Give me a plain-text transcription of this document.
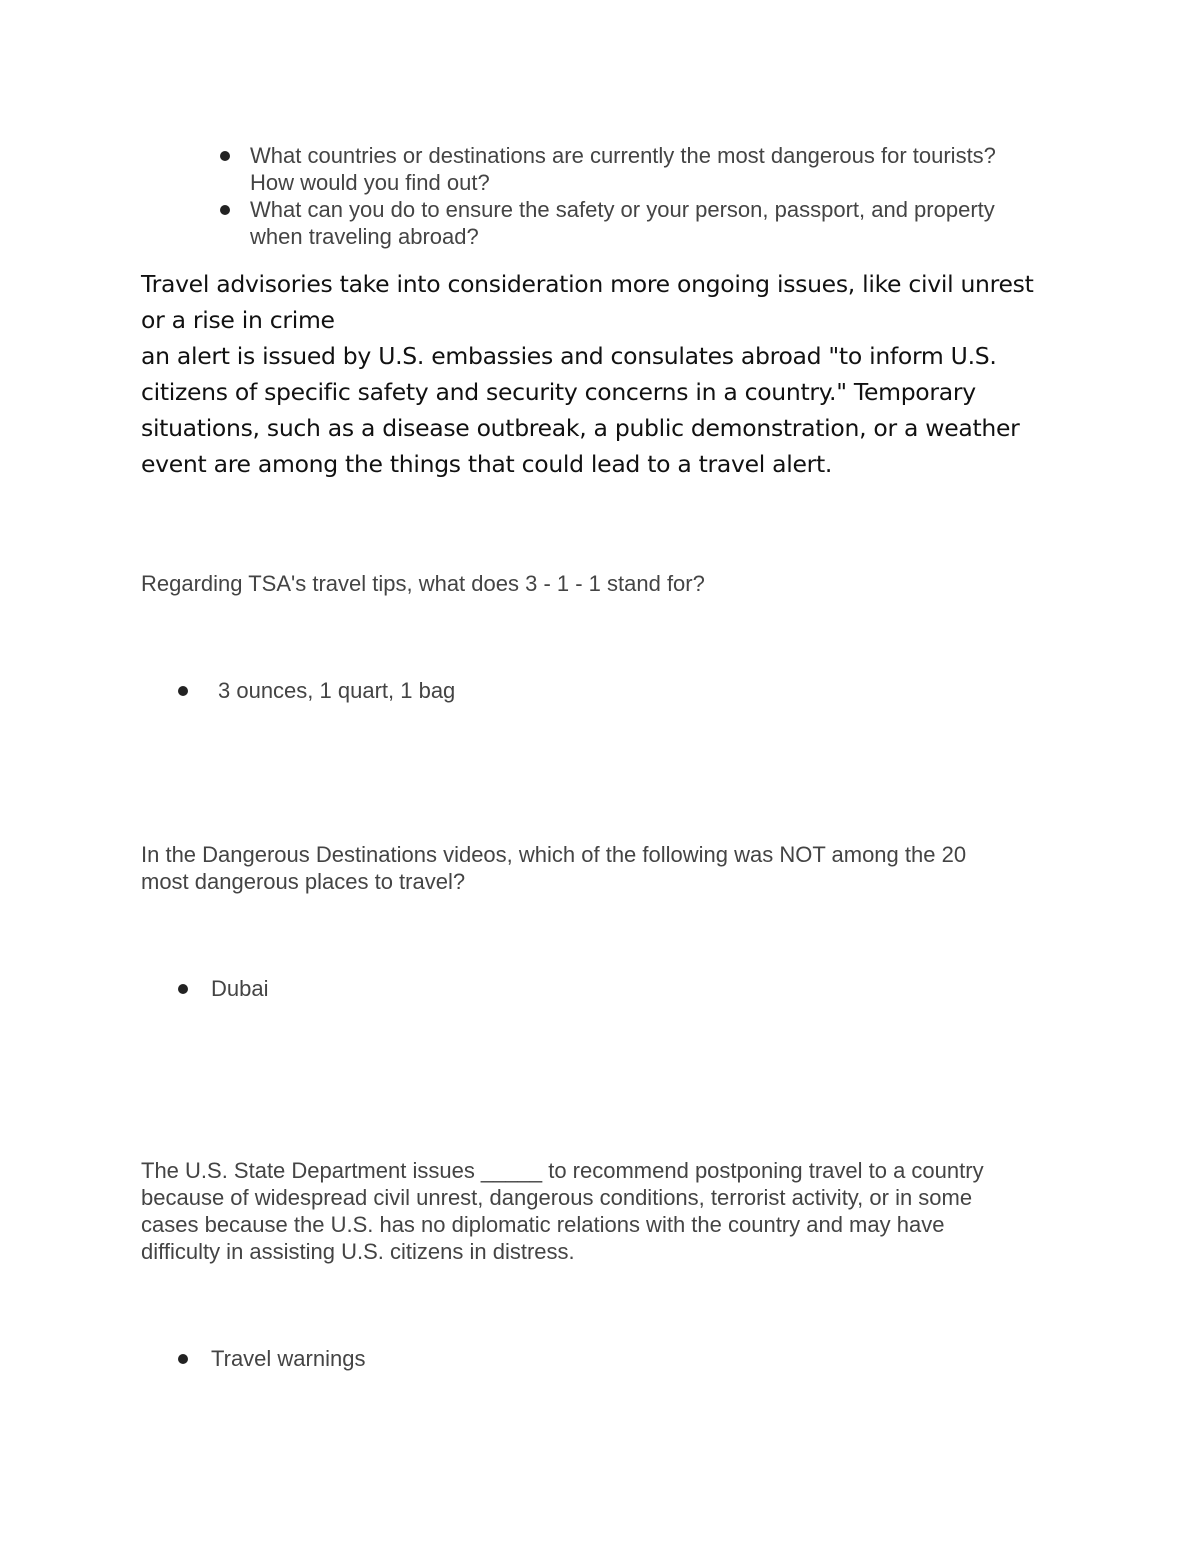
What countries or destinations are currently the most dangerous for tourists?
How would you find out?
What can you do to ensure the safety or your person, passport, and property
when traveling abroad?
Travel advisories take into consideration more ongoing issues, like civil unrest
or a rise in crime
an alert is issued by U.S. embassies and consulates abroad "to inform U.S.
citizens of specific safety and security concerns in a country." Temporary
situations, such as a disease outbreak, a public demonstration, or a weather
event are among the things that could lead to a travel alert.
Regarding TSA's travel tips, what does 3 - 1 - 1 stand for?
3 ounces, 1 quart, 1 bag
In the Dangerous Destinations videos, which of the following was NOT among the 20
most dangerous places to travel?
Dubai
The U.S. State Department issues _____ to recommend postponing travel to a country
because of widespread civil unrest, dangerous conditions, terrorist activity, or in some
cases because the U.S. has no diplomatic relations with the country and may have
difficulty in assisting U.S. citizens in distress.
Travel warnings
